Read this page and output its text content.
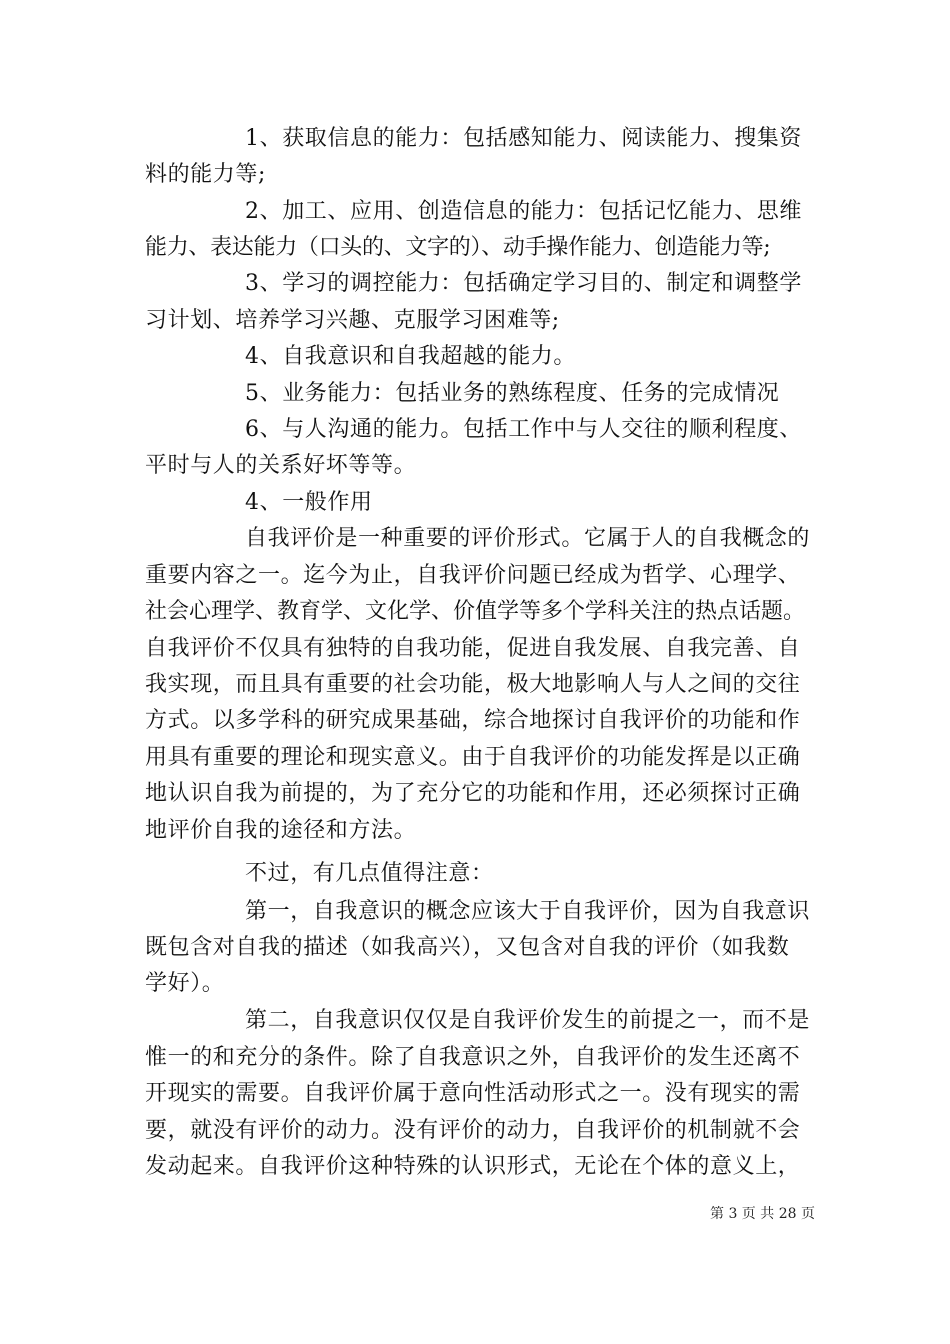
1、获取信息的能力：包括感知能力、阅读能力、搜集资
料的能力等;
2、加工、应用、创造信息的能力：包括记忆能力、思维
能力、表达能力（口头的、文字的）、动手操作能力、创造能力等;
3、学习的调控能力：包括确定学习目的、制定和调整学
习计划、培养学习兴趣、克服学习困难等;
4、自我意识和自我超越的能力。
5、业务能力：包括业务的熟练程度、任务的完成情况
6、与人沟通的能力。包括工作中与人交往的顺利程度、
平时与人的关系好坏等等。
4、一般作用
自我评价是一种重要的评价形式。它属于人的自我概念的
重要内容之一。迄今为止，自我评价问题已经成为哲学、心理学、
社会心理学、教育学、文化学、价值学等多个学科关注的热点话题。
自我评价不仅具有独特的自我功能，促进自我发展、自我完善、自
我实现，而且具有重要的社会功能，极大地影响人与人之间的交往
方式。以多学科的研究成果基础，综合地探讨自我评价的功能和作
用具有重要的理论和现实意义。由于自我评价的功能发挥是以正确
地认识自我为前提的，为了充分它的功能和作用，还必须探讨正确
地评价自我的途径和方法。
不过，有几点值得注意：
第一，自我意识的概念应该大于自我评价，因为自我意识
既包含对自我的描述（如我高兴），又包含对自我的评价（如我数
学好）。
第二，自我意识仅仅是自我评价发生的前提之一，而不是
惟一的和充分的条件。除了自我意识之外，自我评价的发生还离不
开现实的需要。自我评价属于意向性活动形式之一。没有现实的需
要，就没有评价的动力。没有评价的动力，自我评价的机制就不会
发动起来。自我评价这种特殊的认识形式，无论在个体的意义上，
第 3 页 共 28 页
